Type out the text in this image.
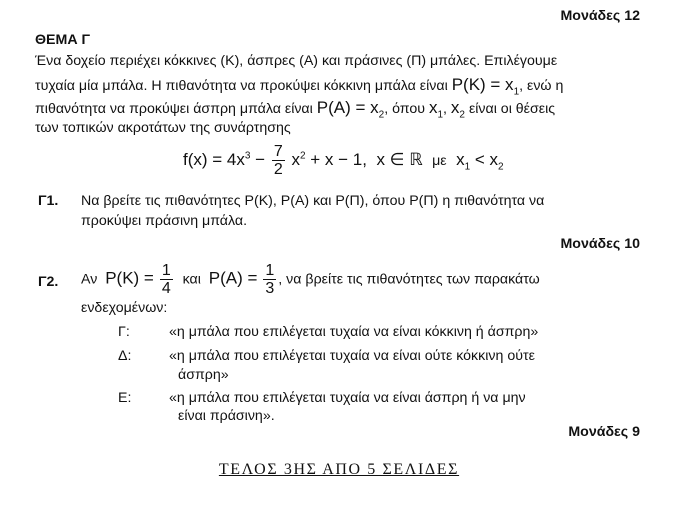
Μονάδες 12
ΘΕΜΑ Γ
Ένα δοχείο περιέχει κόκκινες (Κ), άσπρες (Α) και πράσινες (Π) μπάλες. Επιλέγουμε
τυχαία μία μπάλα. Η πιθανότητα να προκύψει κόκκινη μπάλα είναι $P(K) = x_1$, ενώ η
πιθανότητα να προκύψει άσπρη μπάλα είναι $P(A) = x_2$, όπου $x_1$, $x_2$ είναι οι θέσεις
των τοπικών ακροτάτων της συνάρτησης
$f(x) = 4x^3 - \frac{7}{2} x^2 + x - 1$, x ∈ ℝ με $x_1 < x_2$
Γ1. Να βρείτε τις πιθανότητες P(K), P(A) και P(Π), όπου P(Π) η πιθανότητα να
προκύψει πράσινη μπάλα.
Μονάδες 10
Γ2. Αν $P(K) = \frac{1}{4}$ και $P(A) = \frac{1}{3}$ , να βρείτε τις πιθανότητες των παρακάτω
ενδεχομένων:
Γ:	«η μπάλα που επιλέγεται τυχαία να είναι κόκκινη ή άσπρη»
Δ:	«η μπάλα που επιλέγεται τυχαία να είναι ούτε κόκκινη ούτε
άσπρη»
Ε:	«η μπάλα που επιλέγεται τυχαία να είναι άσπρη ή να μην
είναι πράσινη».
Μονάδες 9
ΤΕΛΟΣ 3ΗΣ ΑΠΟ 5 ΣΕΛΙΔΕΣ
